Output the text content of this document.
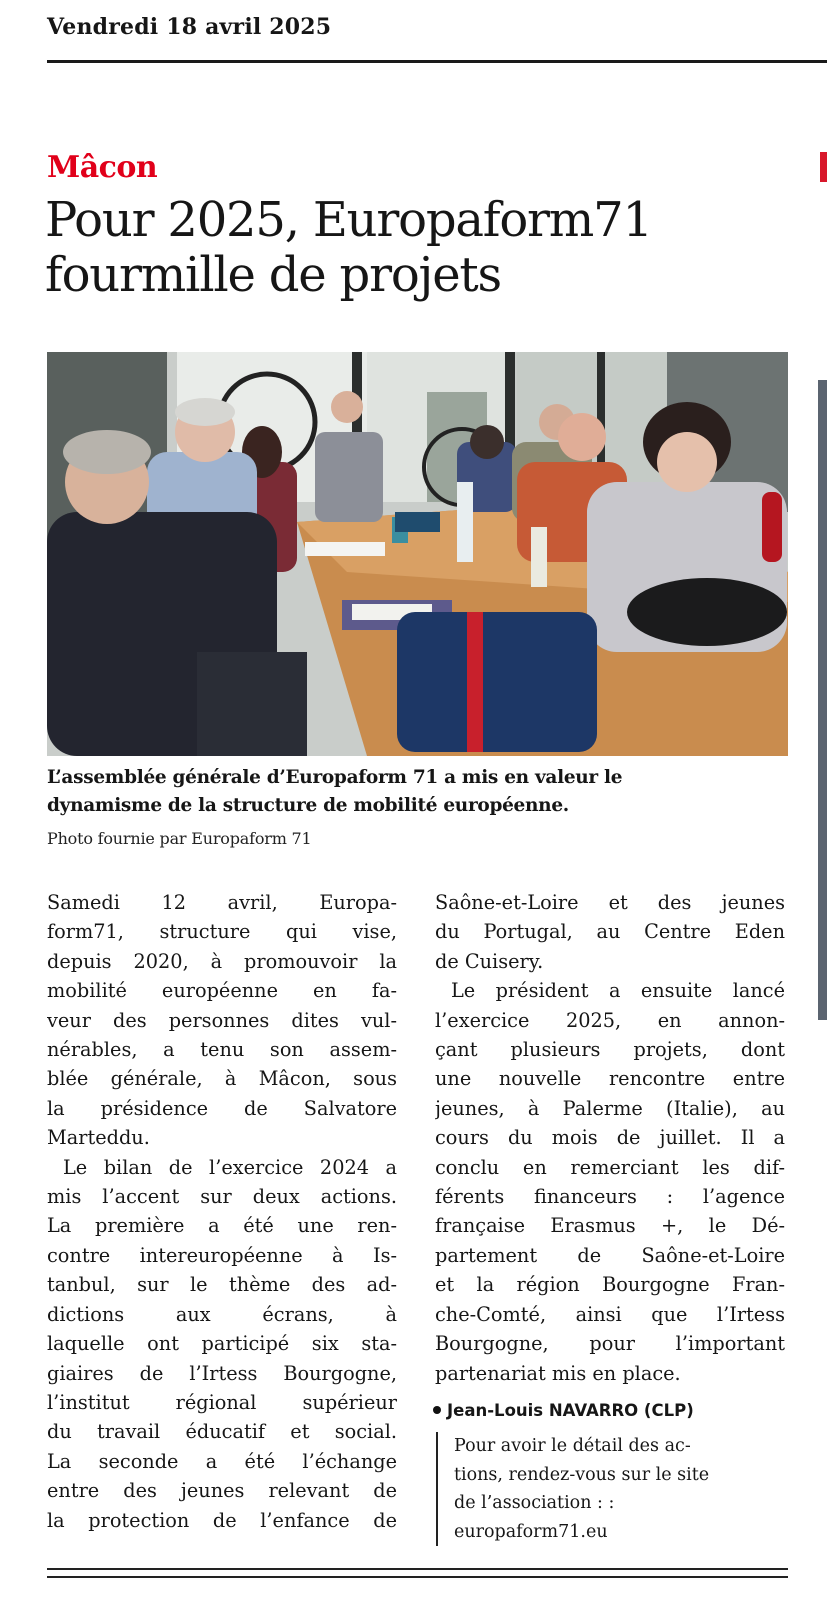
Vendredi 18 avril 2025
Mâcon
Pour 2025, Europaform71
fourmille de projets
L’assemblée générale d’Europaform 71 a mis en valeur le
dynamisme de la structure de mobilité européenne.
Photo fournie par Europaform 71
Samedi 12 avril, Europa-
form71, structure qui vise,
depuis 2020, à promouvoir la
mobilité européenne en fa-
veur des personnes dites vul-
nérables, a tenu son assem-
blée générale, à Mâcon, sous
la présidence de Salvatore
Marteddu.
Le bilan de l’exercice 2024 a
mis l’accent sur deux actions.
La première a été une ren-
contre intereuropéenne à Is-
tanbul, sur le thème des ad-
dictions aux écrans, à
laquelle ont participé six sta-
giaires de l’Irtess Bourgogne,
l’institut régional supérieur
du travail éducatif et social.
La seconde a été l’échange
entre des jeunes relevant de
la protection de l’enfance de
Saône-et-Loire et des jeunes
du Portugal, au Centre Eden
de Cuisery.
Le président a ensuite lancé
l’exercice 2025, en annon-
çant plusieurs projets, dont
une nouvelle rencontre entre
jeunes, à Palerme (Italie), au
cours du mois de juillet. Il a
conclu en remerciant les dif-
férents financeurs : l’agence
française Erasmus +, le Dé-
partement de Saône-et-Loire
et la région Bourgogne Fran-
che-Comté, ainsi que l’Irtess
Bourgogne, pour l’important
partenariat mis en place.
Jean-Louis NAVARRO (CLP)
Pour avoir le détail des ac-
tions, rendez-vous sur le site
de l’association : :
europaform71.eu
